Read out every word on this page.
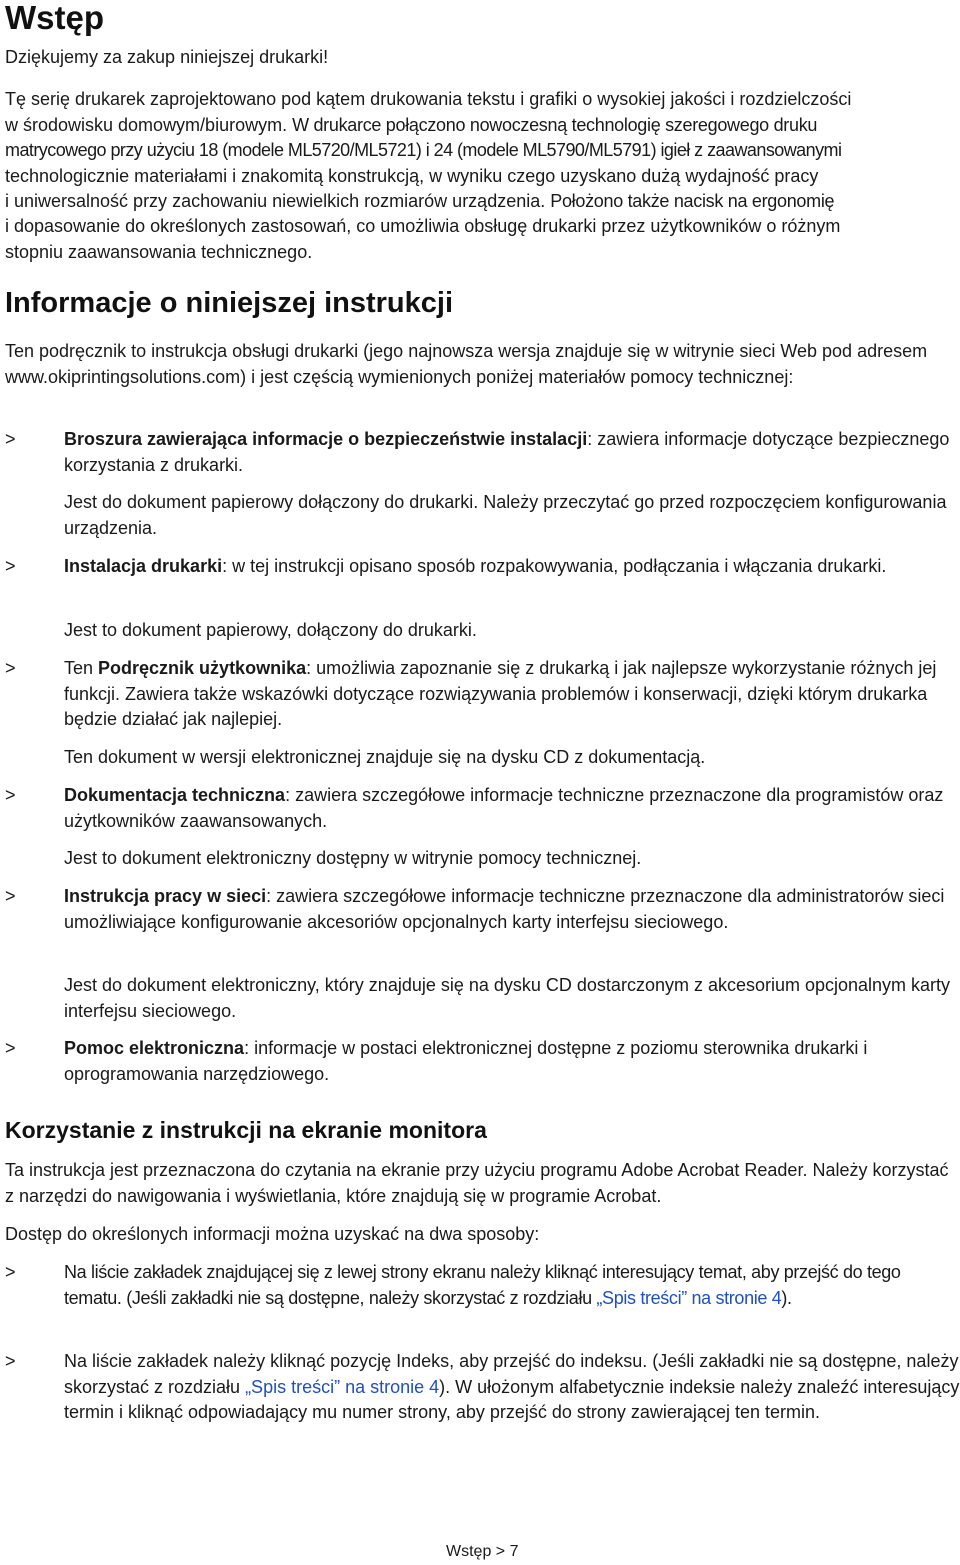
Wstęp

Dziękujemy za zakup niniejszej drukarki!

Tę serię drukarek zaprojektowano pod kątem drukowania tekstu i grafiki o wysokiej jakości i rozdzielczości

w środowisku domowym/biurowym. W drukarce połączono nowoczesną technologię szeregowego druku

matrycowego przy użyciu 18 (modele ML5720/ML5721) i 24 (modele ML5790/ML5791) igieł z zaawansowanymi

technologicznie materiałami i znakomitą konstrukcją, w wyniku czego uzyskano dużą wydajność pracy

i uniwersalność przy zachowaniu niewielkich rozmiarów urządzenia. Położono także nacisk na ergonomię

i dopasowanie do określonych zastosowań, co umożliwia obsługę drukarki przez użytkowników o różnym

stopniu zaawansowania technicznego.

Informacje o niniejszej instrukcji

Ten podręcznik to instrukcja obsługi drukarki (jego najnowsza wersja znajduje się w witrynie sieci Web pod adresem www.okiprintingsolutions.com) i jest częścią wymienionych poniżej materiałów pomocy technicznej:

>	Broszura zawierająca informacje o bezpieczeństwie instalacji: zawiera informacje dotyczące bezpiecznego korzystania z drukarki.

Jest do dokument papierowy dołączony do drukarki. Należy przeczytać go przed rozpoczęciem konfigurowania urządzenia.

>	Instalacja drukarki: w tej instrukcji opisano sposób rozpakowywania, podłączania i włączania drukarki.

Jest to dokument papierowy, dołączony do drukarki.

>	Ten Podręcznik użytkownika: umożliwia zapoznanie się z drukarką i jak najlepsze wykorzystanie różnych jej funkcji. Zawiera także wskazówki dotyczące rozwiązywania problemów i konserwacji, dzięki którym drukarka będzie działać jak najlepiej.

Ten dokument w wersji elektronicznej znajduje się na dysku CD z dokumentacją.

>	Dokumentacja techniczna: zawiera szczegółowe informacje techniczne przeznaczone dla programistów oraz użytkowników zaawansowanych.

Jest to dokument elektroniczny dostępny w witrynie pomocy technicznej.

>	Instrukcja pracy w sieci: zawiera szczegółowe informacje techniczne przeznaczone dla administratorów sieci umożliwiające konfigurowanie akcesoriów opcjonalnych karty interfejsu sieciowego.

Jest do dokument elektroniczny, który znajduje się na dysku CD dostarczonym z akcesorium opcjonalnym karty interfejsu sieciowego.

>	Pomoc elektroniczna: informacje w postaci elektronicznej dostępne z poziomu sterownika drukarki i oprogramowania narzędziowego.

Korzystanie z instrukcji na ekranie monitora

Ta instrukcja jest przeznaczona do czytania na ekranie przy użyciu programu Adobe Acrobat Reader. Należy korzystać z narzędzi do nawigowania i wyświetlania, które znajdują się w programie Acrobat.

Dostęp do określonych informacji można uzyskać na dwa sposoby:

>	Na liście zakładek znajdującej się z lewej strony ekranu należy kliknąć interesujący temat, aby przejść do tego tematu. (Jeśli zakładki nie są dostępne, należy skorzystać z rozdziału „Spis treści” na stronie 4).

>	Na liście zakładek należy kliknąć pozycję Indeks, aby przejść do indeksu. (Jeśli zakładki nie są dostępne, należy skorzystać z rozdziału „Spis treści” na stronie 4). W ułożonym alfabetycznie indeksie należy znaleźć interesujący termin i kliknąć odpowiadający mu numer strony, aby przejść do strony zawierającej ten termin.

Wstęp > 7
